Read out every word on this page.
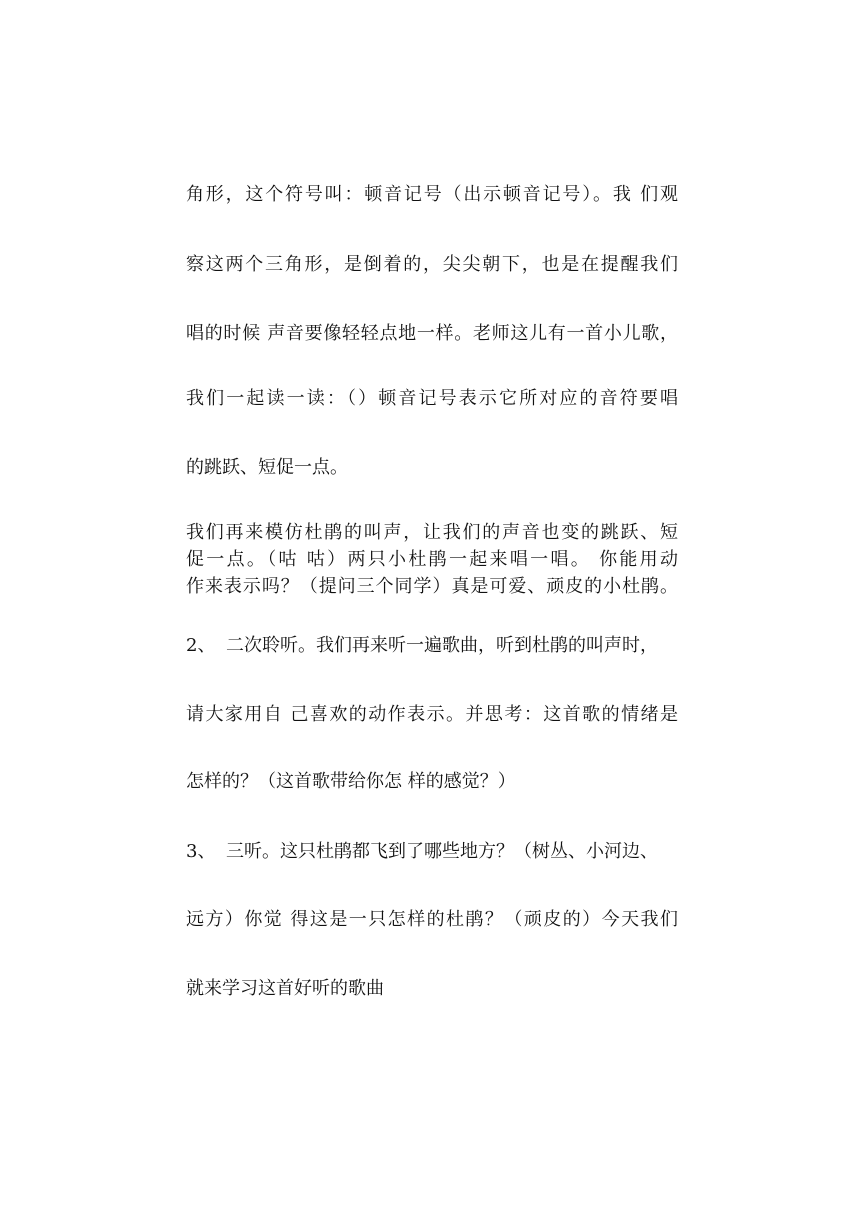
角形，这个符号叫：顿音记号（出示顿音记号）。我 们观
察这两个三角形，是倒着的，尖尖朝下，也是在提醒我们
唱的时候 声音要像轻轻点地一样。老师这儿有一首小儿歌，
我们一起读一读：（）顿音记号表示它所对应的音符要唱
的跳跃、短促一点。
我们再来模仿杜鹃的叫声，让我们的声音也变的跳跃、短
促一点。（咕 咕）两只小杜鹃一起来唱一唱。 你能用动
作来表示吗？（提问三个同学）真是可爱、顽皮的小杜鹃。
2、 二次聆听。我们再来听一遍歌曲，听到杜鹃的叫声时，
请大家用自 己喜欢的动作表示。并思考：这首歌的情绪是
怎样的？（这首歌带给你怎 样的感觉？）
3、 三听。这只杜鹃都飞到了哪些地方？（树丛、小河边、
远方）你觉 得这是一只怎样的杜鹃？（顽皮的）今天我们
就来学习这首好听的歌曲
